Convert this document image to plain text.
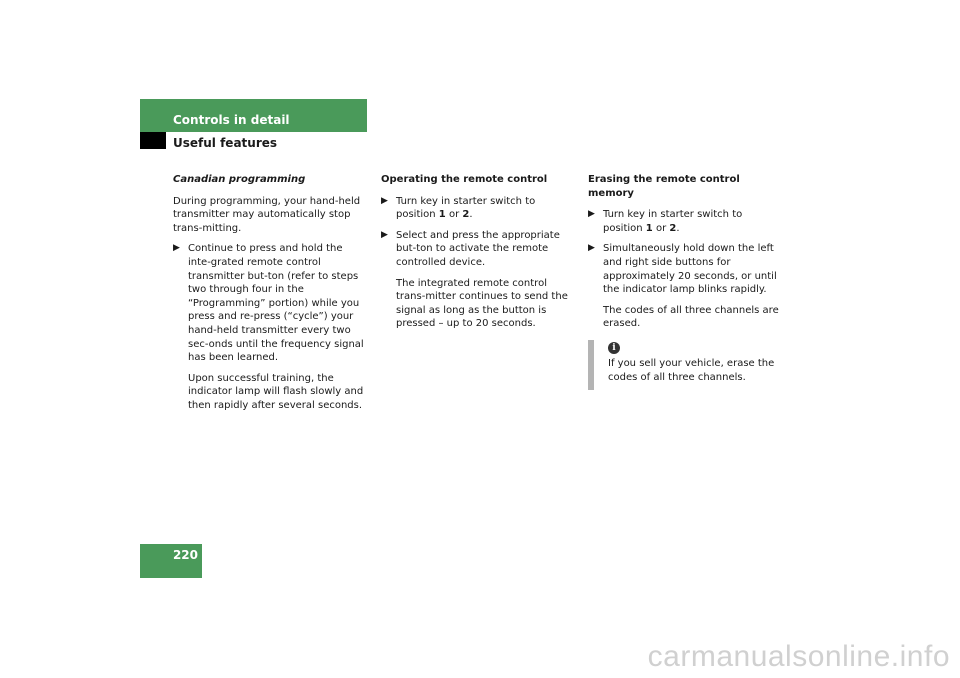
Controls in detail
Useful features
Canadian programming

During programming, your hand-held transmitter may automatically stop trans-mitting.

▶ Continue to press and hold the inte-grated remote control transmitter but-ton (refer to steps two through four in the “Programming” portion) while you press and re-press (“cycle”) your hand-held transmitter every two sec-onds until the frequency signal has been learned.

Upon successful training, the indicator lamp will flash slowly and then rapidly after several seconds.

Operating the remote control
▶ Turn key in starter switch to position 1 or 2.
▶ Select and press the appropriate but-ton to activate the remote controlled device.

The integrated remote control trans-mitter continues to send the signal as long as the button is pressed – up to 20 seconds.

Erasing the remote control memory
▶ Turn key in starter switch to position 1 or 2.
▶ Simultaneously hold down the left and right side buttons for approximately 20 seconds, or until the indicator lamp blinks rapidly.

The codes of all three channels are erased.

i

If you sell your vehicle, erase the codes of all three channels.

220
carmanualsonline.info
